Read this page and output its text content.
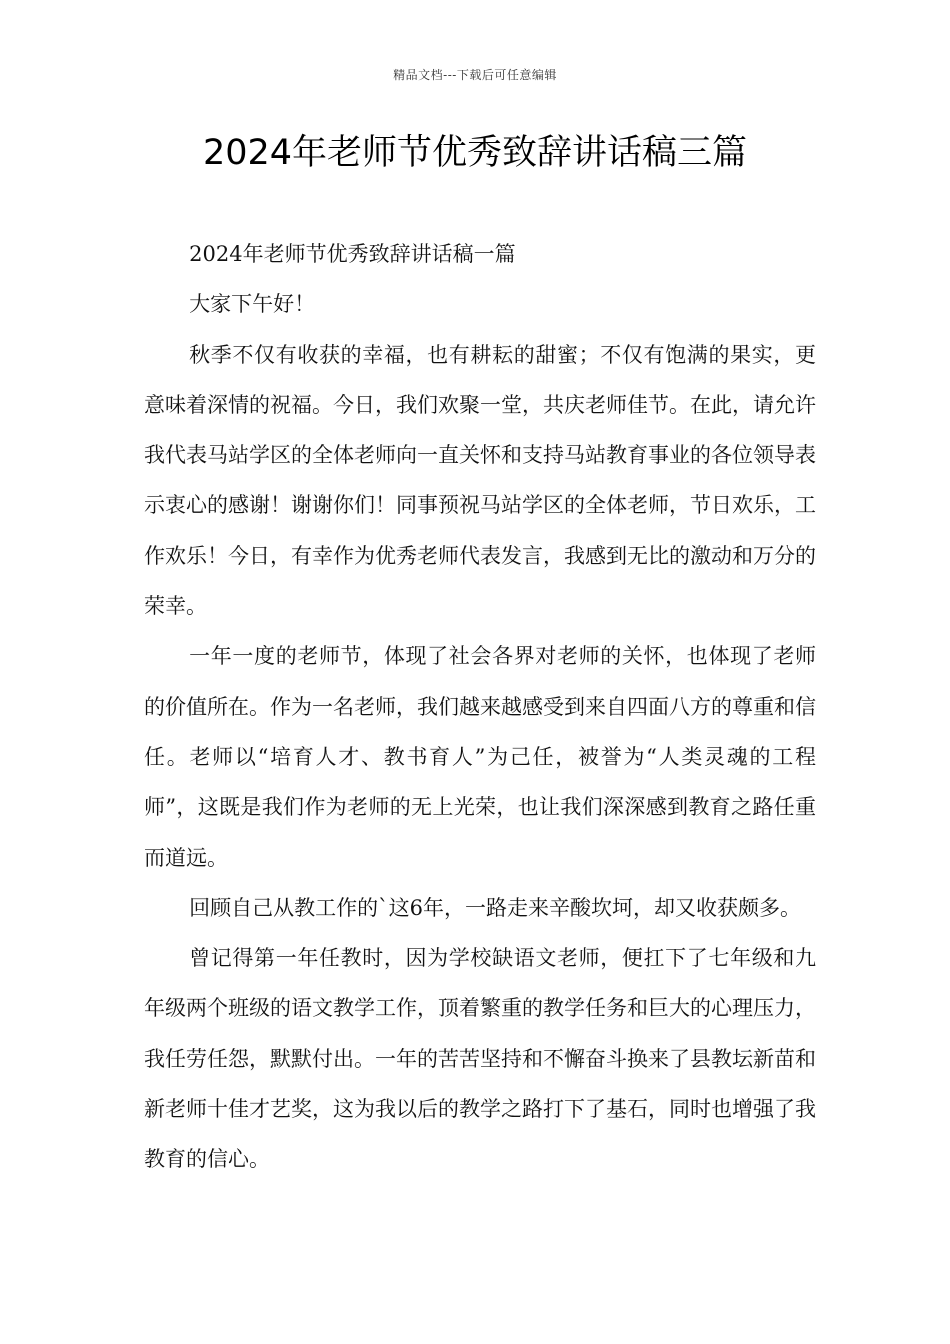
精品文档---下载后可任意编辑
2024年老师节优秀致辞讲话稿三篇

2024年老师节优秀致辞讲话稿一篇

大家下午好！

秋季不仅有收获的幸福，也有耕耘的甜蜜；不仅有饱满的果实，更意味着深情的祝福。今日，我们欢聚一堂，共庆老师佳节。在此，请允许我代表马站学区的全体老师向一直关怀和支持马站教育事业的各位领导表示衷心的感谢！谢谢你们！同事预祝马站学区的全体老师，节日欢乐，工作欢乐！今日，有幸作为优秀老师代表发言，我感到无比的激动和万分的荣幸。

一年一度的老师节，体现了社会各界对老师的关怀，也体现了老师的价值所在。作为一名老师，我们越来越感受到来自四面八方的尊重和信任。老师以“培育人才、教书育人”为己任，被誉为“人类灵魂的工程师”，这既是我们作为老师的无上光荣，也让我们深深感到教育之路任重而道远。

回顾自己从教工作的`这6年，一路走来辛酸坎坷，却又收获颇多。

曾记得第一年任教时，因为学校缺语文老师，便扛下了七年级和九年级两个班级的语文教学工作，顶着繁重的教学任务和巨大的心理压力，我任劳任怨，默默付出。一年的苦苦坚持和不懈奋斗换来了县教坛新苗和新老师十佳才艺奖，这为我以后的教学之路打下了基石，同时也增强了我教育的信心。
